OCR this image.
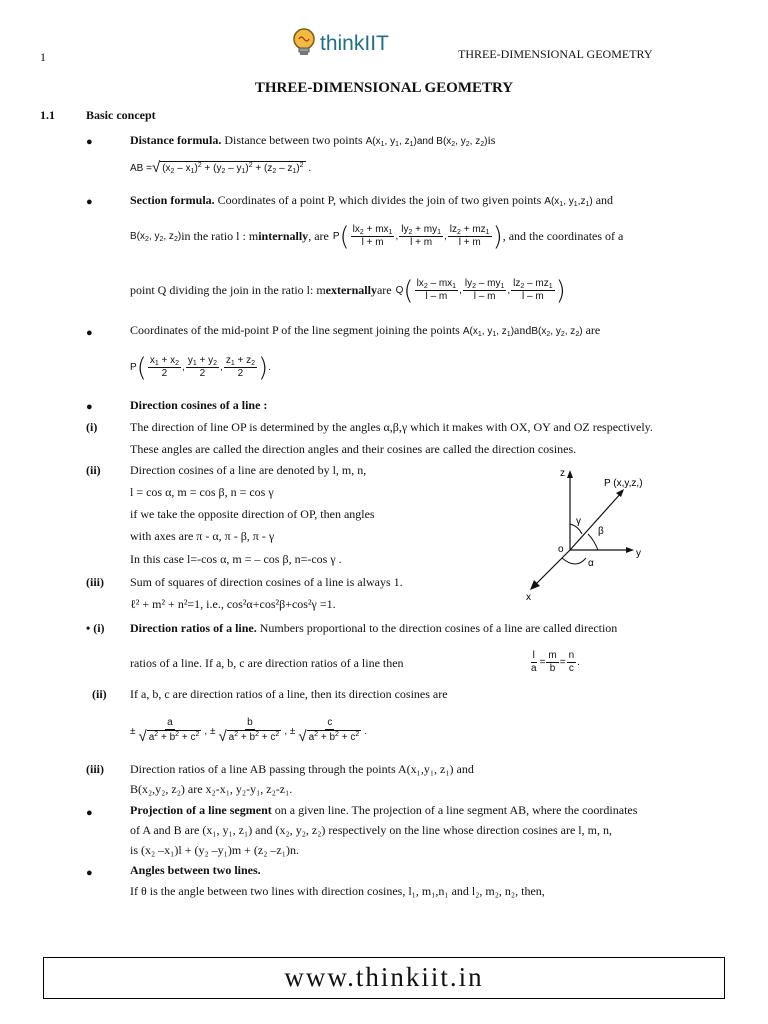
1
thinkIIT	THREE-DIMENSIONAL GEOMETRY
THREE-DIMENSIONAL GEOMETRY
1.1	Basic concept
●	Distance formula. Distance between two points $A(x_1$, $y_1$, $z_1)and$ $B(x_2$, $y_2$, $z_2)is$
AB = √ $(x_2 - x_1)^2 + (y_2 - y_1)^2 + (z_2 - z_1)^2$ .
●	Section formula. Coordinates of a point P, which divides the join of two given points $A(x_1$, $y_1,z_1$) and
$B(x_2$, $y_2$, $z_2$) in the ratio l : m internally , are P ( $\frac{lx_2 + mx_1}{l + m}$ , $\frac{ly_2 + my_1}{l + m}$ , $\frac{lz_2 + mz_1}{l + m}$ ) , and the coordinates of a
point Q dividing the join in the ratio l: m externally are Q ( $\frac{lx_2 - mx_1}{l - m}$ , $\frac{ly_2 - my_1}{l - m}$ , $\frac{lz_2 - mz_1}{l - m}$ )
●	Coordinates of the mid-point P of the line segment joining the points $A(x_1$, $y_1$, $z_1)andB(x_2$, $y_2$, $z_2$) are
P ( $\frac{x_1 + x_2}{2}$ , $\frac{y_1 + y_2}{2}$ , $\frac{z_1 + z_2}{2}$ ) .
●	Direction cosines of a line :
(i)	The direction of line OP is determined by the angles α,β,γ which it makes with OX, OY and OZ respectively.
These angles are called the direction angles and their cosines are called the direction cosines.
(ii) Direction cosines of a line are denoted by l, m, n,
l = cos α, m = cos β, n = cos γ
if we take the opposite direction of OP, then angles
with axes are π - α, π - β, π - γ
In this case l=-cos α, m = – cos β, n=-cos γ .
(iii) Sum of squares of direction cosines of a line is always 1.
ℓ² + m² + n²=1, i.e., cos²α+cos²β+cos²γ =1.
z
y
x
o
P (x,y,z,)
α
β
γ
• (i) Direction ratios of a line. Numbers proportional to the direction cosines of a line are called direction
ratios of a line. If a, b, c are direction ratios of a line then	$\frac{l}{a} = \frac{m}{b} = \frac{n}{c}$ .
(ii) If a, b, c are direction ratios of a line, then its direction cosines are
± $\frac{a}{√ a^2 + b^2 + c^2}$ , ± $\frac{b}{√ a^2 + b^2 + c^2}$ , ± $\frac{c}{√ a^2 + b^2 + c^2}$ .
(iii) Direction ratios of a line AB passing through the points A(x₁,y₁, z₁) and
B(x₂,y₂, z₂) are x₂-x₁, y₂-y₁, z₂-z₁.
●	Projection of a line segment on a given line. The projection of a line segment AB, where the coordinates
of A and B are (x₁, y₁, z₁) and (x₂, y₂, z₂) respectively on the line whose direction cosines are l, m, n,
is (x₂ –x₁)l + (y₂ –y₁)m + (z₂ –z₁)n.
●	Angles between two lines.
If θ is the angle between two lines with direction cosines, l₁, m₁,n₁ and l₂, m₂, n₂, then,
www.thinkiit.in
